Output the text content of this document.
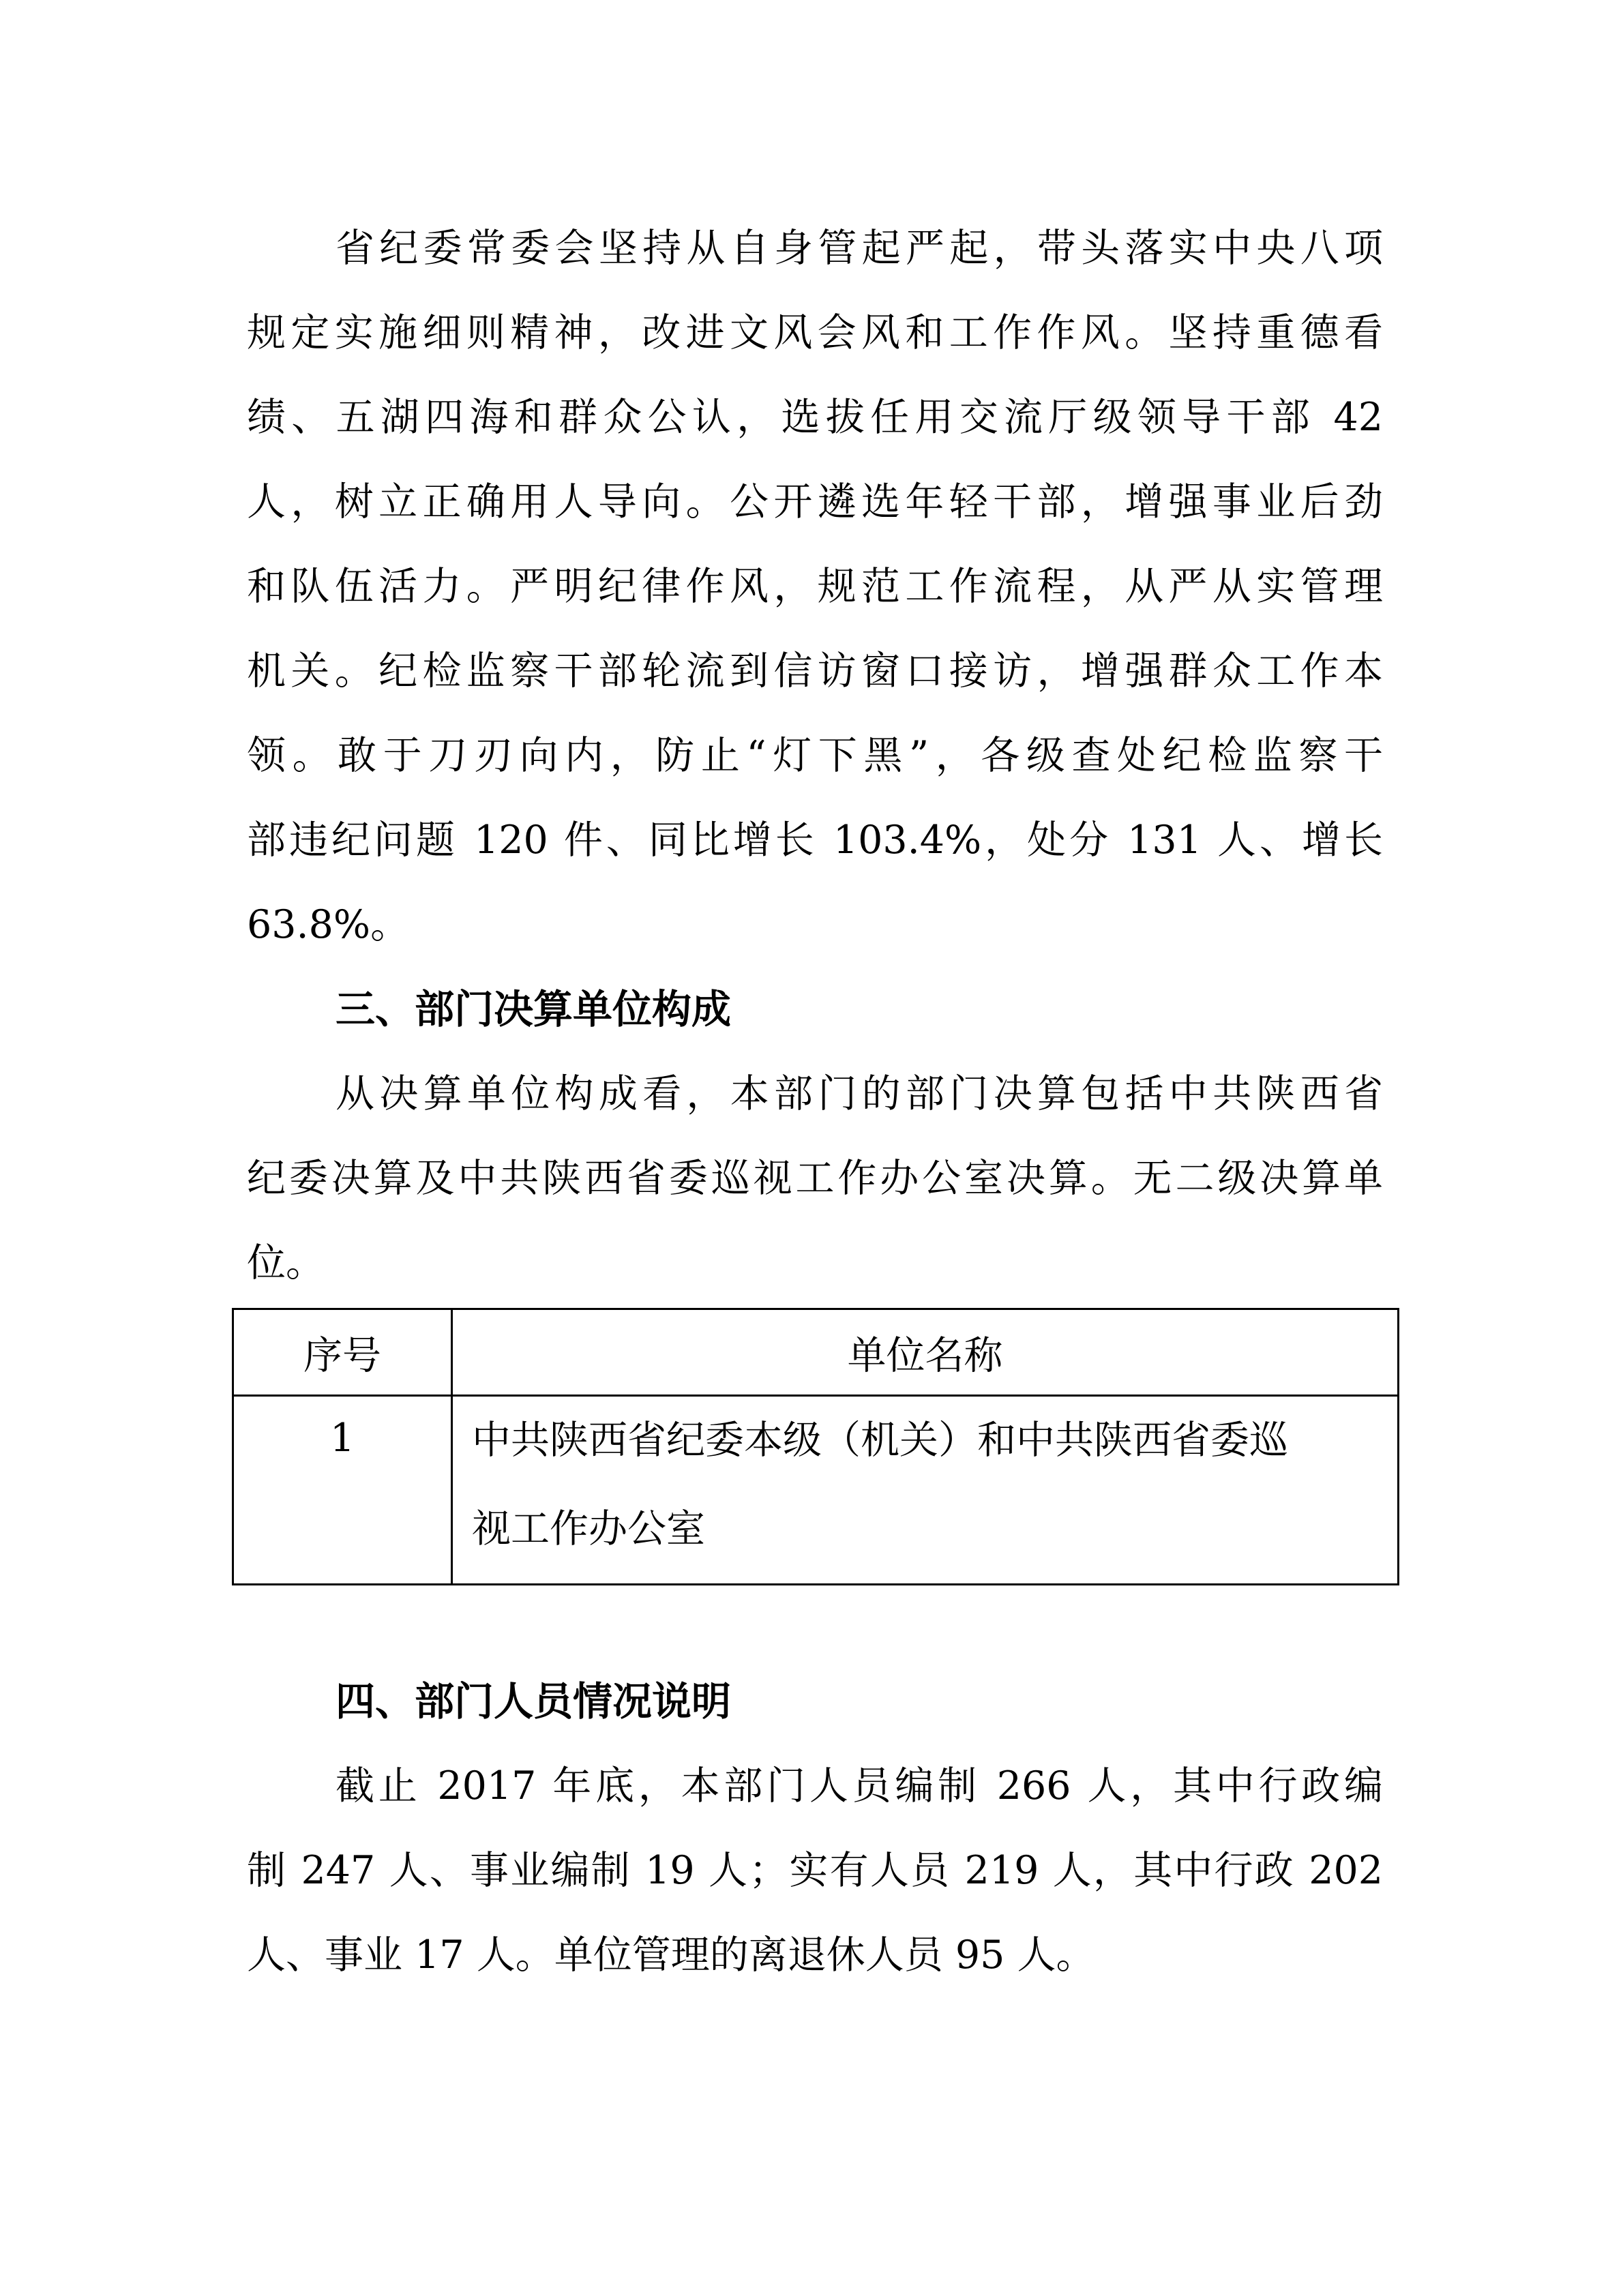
省纪委常委会坚持从自身管起严起，带头落实中央八项
规定实施细则精神，改进文风会风和工作作风。坚持重德看
绩、五湖四海和群众公认，选拔任用交流厅级领导干部 42
人，树立正确用人导向。公开遴选年轻干部，增强事业后劲
和队伍活力。严明纪律作风，规范工作流程，从严从实管理
机关。纪检监察干部轮流到信访窗口接访，增强群众工作本
领。敢于刀刃向内，防止“灯下黑”，各级查处纪检监察干
部违纪问题 120 件、同比增长 103.4%，处分 131 人、增长
63.8%。
三、部门决算单位构成
从决算单位构成看，本部门的部门决算包括中共陕西省
纪委决算及中共陕西省委巡视工作办公室决算。无二级决算单
位。
序号	单位名称
1	中共陕西省纪委本级（机关）和中共陕西省委巡
视工作办公室
四、部门人员情况说明
截止 2017 年底，本部门人员编制 266 人，其中行政编
制 247 人、事业编制 19 人；实有人员 219 人，其中行政 202
人、事业 17 人。单位管理的离退休人员 95 人。
